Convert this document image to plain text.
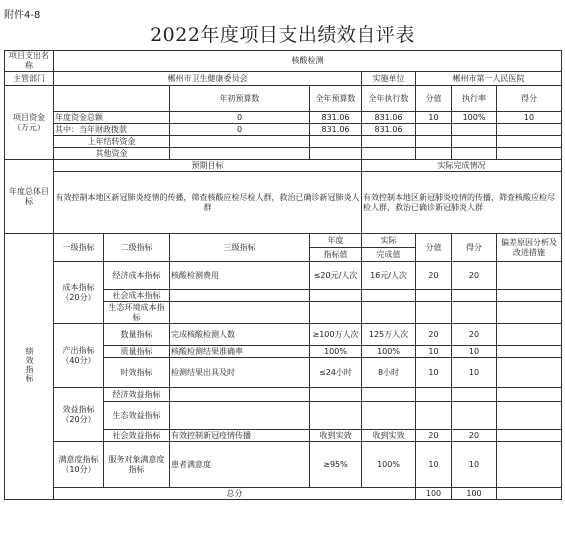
附件4-8
2022年度项目支出绩效自评表
项目支出名称	核酸检测							
主管部门	郴州市卫生健康委员会				实施单位	郴州市第一人民医院		
项目资金（万元）			年初预算数	全年预算数	全年执行数	分值	执行率	得分
	年度资金总额		0	831.06	831.06	10	100%	10
	其中：当年财政拨款		0	831.06	831.06			
	上年结转资金							
	其他资金							
年度总体目标	预期目标				实际完成情况			
	有效控制本地区新冠肺炎疫情的传播，筛查核酸应检尽检人群，救治已确诊新冠肺炎人群				有效控制本地区新冠肺炎疫情的传播，筛查核酸应检尽检人群，救治已确诊新冠肺炎人群			
绩效指标	一级指标	二级指标	三级指标	年度	实际	分值	得分	偏差原因分析及改进措施
				指标值	完成值			
	成本指标（20分）	经济成本指标	核酸检测费用	≤20元/人次	16元/人次	20	20	
		社会成本指标						
		生态环境成本指标						
	产出指标（40分）	数量指标	完成核酸检测人数	≥100万人次	125万人次	20	20	
		质量指标	核酸检测结果准确率	100%	100%	10	10	
		时效指标	检测结果出具及时	≤24小时	8小时	10	10	
	效益指标（20分）	经济效益指标						
		生态效益指标						
		社会效益指标	有效控制新冠疫情传播	收到实效	收到实效	20	20	
	满意度指标（10分）	服务对象满意度指标	患者满意度	≥95%	100%	10	10	
	总分					100	100	
